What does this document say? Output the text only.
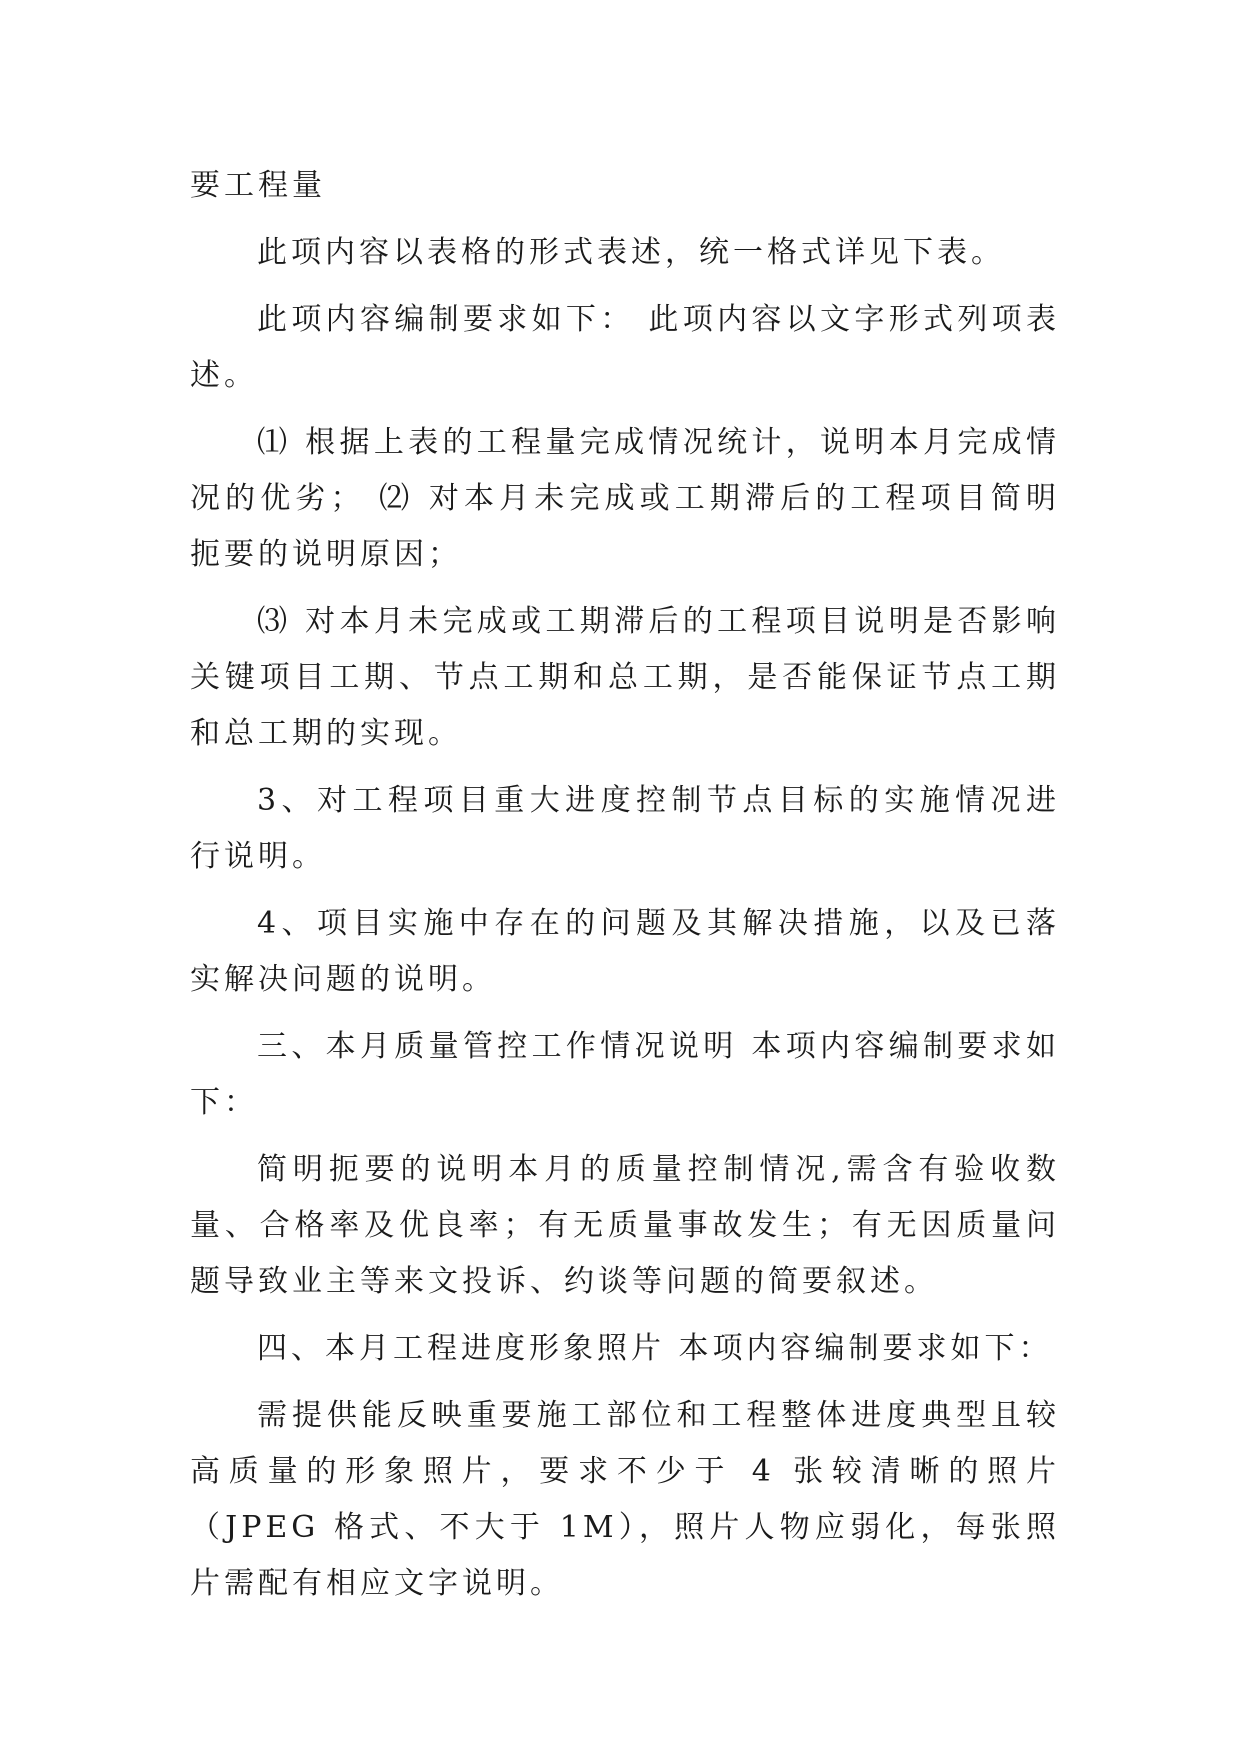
要工程量

此项内容以表格的形式表述，统一格式详见下表。

此项内容编制要求如下： 此项内容以文字形式列项表述。

⑴ 根据上表的工程量完成情况统计，说明本月完成情况的优劣； ⑵ 对本月未完成或工期滞后的工程项目简明扼要的说明原因；

⑶ 对本月未完成或工期滞后的工程项目说明是否影响关键项目工期、节点工期和总工期，是否能保证节点工期和总工期的实现。

3、对工程项目重大进度控制节点目标的实施情况进行说明。

4、项目实施中存在的问题及其解决措施，以及已落实解决问题的说明。

三、本月质量管控工作情况说明 本项内容编制要求如下：

简明扼要的说明本月的质量控制情况,需含有验收数量、合格率及优良率；有无质量事故发生；有无因质量问题导致业主等来文投诉、约谈等问题的简要叙述。

四、本月工程进度形象照片 本项内容编制要求如下：

需提供能反映重要施工部位和工程整体进度典型且较高质量的形象照片，要求不少于 4 张较清晰的照片（JPEG 格式、不大于 1M），照片人物应弱化，每张照片需配有相应文字说明。
